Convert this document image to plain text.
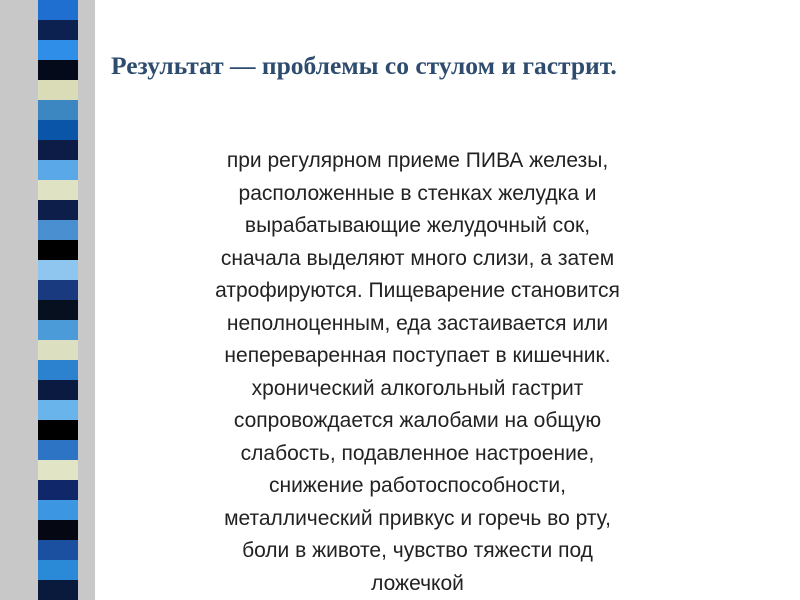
Результат — проблемы со стулом и гастрит.

при регулярном приеме ПИВА железы,
расположенные в стенках желудка и
вырабатывающие желудочный сок,
сначала выделяют много слизи, а затем
атрофируются. Пищеварение становится
неполноценным, еда застаивается или
непереваренная поступает в кишечник.
хронический алкогольный гастрит
сопровождается жалобами на общую
слабость, подавленное настроение,
снижение работоспособности,
металлический привкус и горечь во рту,
боли в животе, чувство тяжести под
ложечкой
